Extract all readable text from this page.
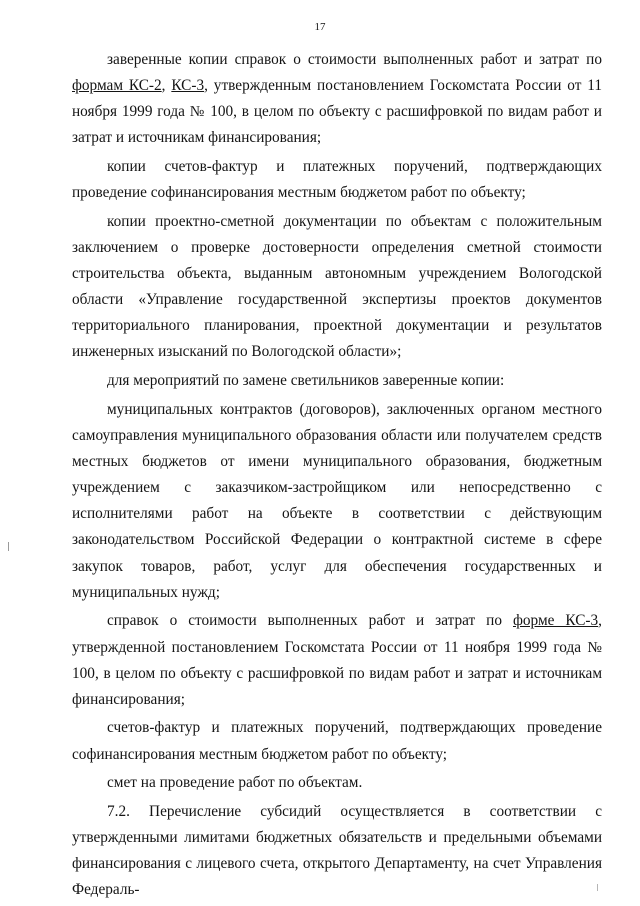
17

заверенные копии справок о стоимости выполненных работ и затрат по формам КС-2, КС-3, утвержденным постановлением Госкомстата России от 11 ноября 1999 года № 100, в целом по объекту с расшифровкой по видам работ и затрат и источникам финансирования;

копии счетов-фактур и платежных поручений, подтверждающих проведение софинансирования местным бюджетом работ по объекту;

копии проектно-сметной документации по объектам с положительным заключением о проверке достоверности определения сметной стоимости строительства объекта, выданным автономным учреждением Вологодской области «Управление государственной экспертизы проектов документов территориального планирования, проектной документации и результатов инженерных изысканий по Вологодской области»;

для мероприятий по замене светильников заверенные копии:

муниципальных контрактов (договоров), заключенных органом местного самоуправления муниципального образования области или получателем средств местных бюджетов от имени муниципального образования, бюджетным учреждением с заказчиком-застройщиком или непосредственно с исполнителями работ на объекте в соответствии с действующим законодательством Российской Федерации о контрактной системе в сфере закупок товаров, работ, услуг для обеспечения государственных и муниципальных нужд;

справок о стоимости выполненных работ и затрат по форме КС-3, утвержденной постановлением Госкомстата России от 11 ноября 1999 года № 100, в целом по объекту с расшифровкой по видам работ и затрат и источникам финансирования;

счетов-фактур и платежных поручений, подтверждающих проведение софинансирования местным бюджетом работ по объекту;

смет на проведение работ по объектам.

7.2. Перечисление субсидий осуществляется в соответствии с утвержденными лимитами бюджетных обязательств и предельными объемами финансирования с лицевого счета, открытого Департаменту, на счет Управления Федераль-
